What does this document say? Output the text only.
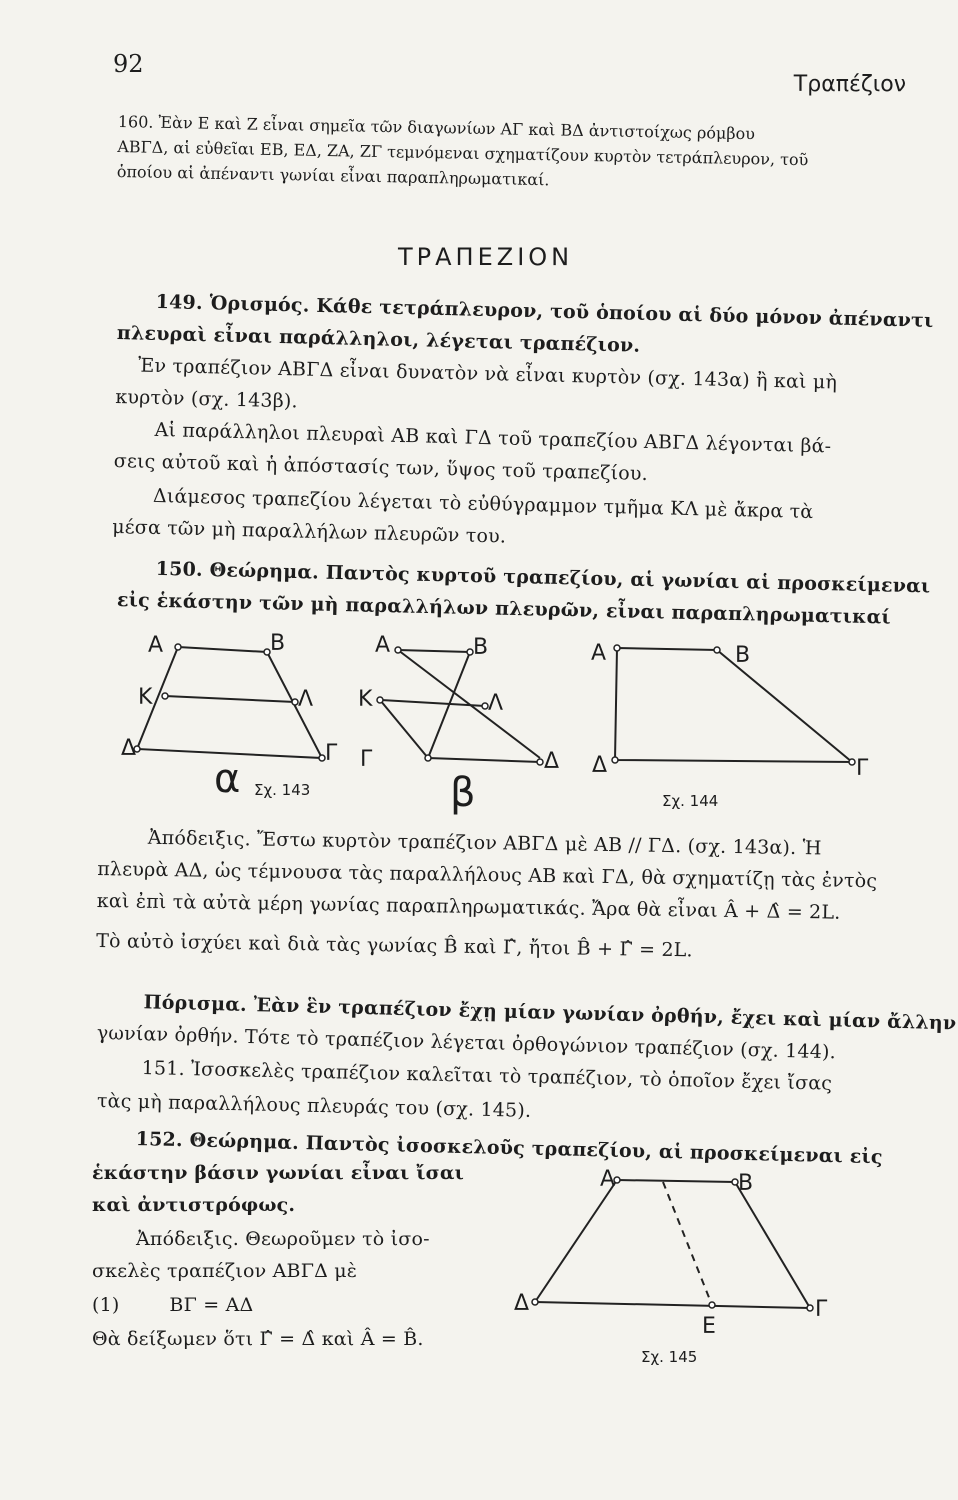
92
Τραπέζιον
160. Ἐὰν Ε καὶ Ζ εἶναι σημεῖα τῶν διαγωνίων ΑΓ καὶ ΒΔ ἀντιστοίχως ρόμβου
ΑΒΓΔ, αἱ εὐθεῖαι ΕΒ, ΕΔ, ΖΑ, ΖΓ τεμνόμεναι σχηματίζουν κυρτὸν τετράπλευρον, τοῦ
ὁποίου αἱ ἀπέναντι γωνίαι εἶναι παραπληρωματικαί.
ΤΡΑΠΕΖΙΟΝ
149. Ὁρισμός. Κάθε τετράπλευρον, τοῦ ὁποίου αἱ δύο μόνον ἀπέναντι
πλευραὶ εἶναι παράλληλοι, λέγεται τραπέζιον.
Ἐν τραπέζιον ΑΒΓΔ εἶναι δυνατὸν νὰ εἶναι κυρτὸν (σχ. 143α) ἢ καὶ μὴ
κυρτὸν (σχ. 143β).
Αἱ παράλληλοι πλευραὶ ΑΒ καὶ ΓΔ τοῦ τραπεζίου ΑΒΓΔ λέγονται βά-
σεις αὐτοῦ καὶ ἡ ἀπόστασίς των, ὕψος τοῦ τραπεζίου.
Διάμεσος τραπεζίου λέγεται τὸ εὐθύγραμμον τμῆμα ΚΛ μὲ ἄκρα τὰ
μέσα τῶν μὴ παραλλήλων πλευρῶν του.
150. Θεώρημα. Παντὸς κυρτοῦ τραπεζίου, αἱ γωνίαι αἱ προσκείμεναι
εἰς ἑκάστην τῶν μὴ παραλλήλων πλευρῶν, εἶναι παραπληρωματικαί
Α	Β
Κ	Λ
Δ	Γ
α Σχ. 143
Α	Β
Κ	Λ
Γ	Δ
β
Α	Β
Δ	Γ
Σχ. 144
Α	Β
Δ	Γ
Ε
Σχ. 145
Ἀπόδειξις. Ἔστω κυρτὸν τραπέζιον ΑΒΓΔ μὲ ΑΒ // ΓΔ. (σχ. 143α). Ἡ
πλευρὰ ΑΔ, ὡς τέμνουσα τὰς παραλλήλους ΑΒ καὶ ΓΔ, θὰ σχηματίζῃ τὰς ἐντὸς
καὶ ἐπὶ τὰ αὐτὰ μέρη γωνίας παραπληρωματικάς. Ἄρα θὰ εἶναι Â + Δ̂ = 2L.
Τὸ αὐτὸ ἰσχύει καὶ διὰ τὰς γωνίας B̂ καὶ Γ̂, ἤτοι B̂ + Γ̂ = 2L.
Πόρισμα. Ἐὰν ἓν τραπέζιον ἔχῃ μίαν γωνίαν ὀρθήν, ἔχει καὶ μίαν ἄλλην
γωνίαν ὀρθήν. Τότε τὸ τραπέζιον λέγεται ὀρθογώνιον τραπέζιον (σχ. 144).
151. Ἰσοσκελὲς τραπέζιον καλεῖται τὸ τραπέζιον, τὸ ὁποῖον ἔχει ἴσας
τὰς μὴ παραλλήλους πλευράς του (σχ. 145).
152. Θεώρημα. Παντὸς ἰσοσκελοῦς τραπεζίου, αἱ προσκείμεναι εἰς
ἑκάστην βάσιν γωνίαι εἶναι ἴσαι
καὶ ἀντιστρόφως.
Ἀπόδειξις. Θεωροῦμεν τὸ ἰσο-
σκελὲς τραπέζιον ΑΒΓΔ μὲ
(1)        ΒΓ = ΑΔ
Θὰ δείξωμεν ὅτι Γ̂ = Δ̂ καὶ Â = B̂.
